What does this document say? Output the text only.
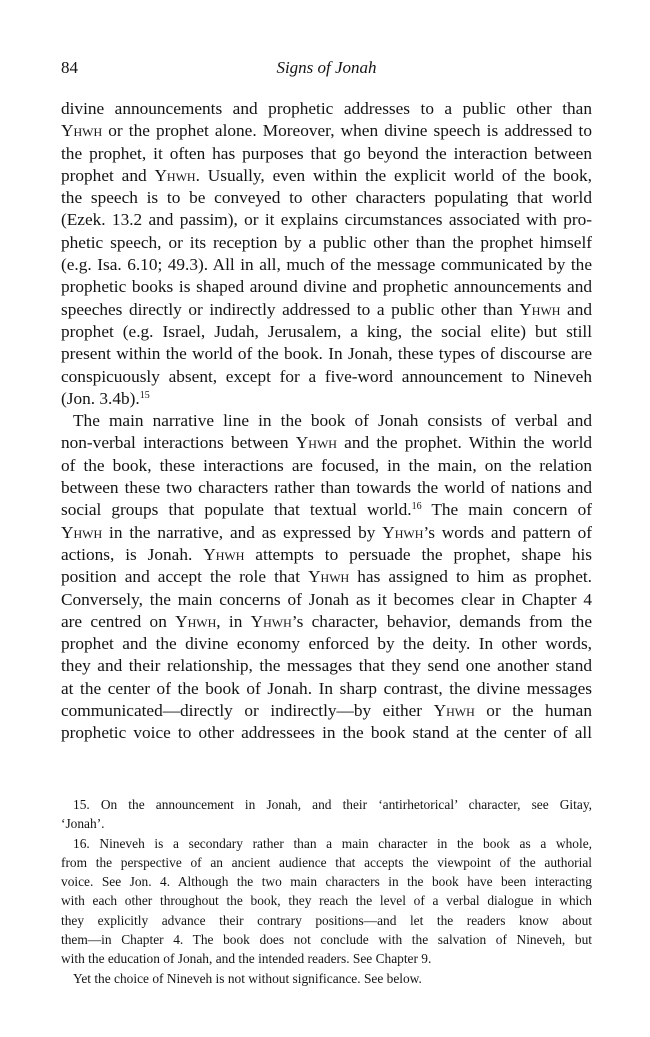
84	Signs of Jonah

divine announcements and prophetic addresses to a public other than
Yhwh or the prophet alone. Moreover, when divine speech is addressed to
the prophet, it often has purposes that go beyond the interaction between
prophet and Yhwh. Usually, even within the explicit world of the book,
the speech is to be conveyed to other characters populating that world
(Ezek. 13.2 and passim), or it explains circumstances associated with pro-
phetic speech, or its reception by a public other than the prophet himself
(e.g. Isa. 6.10; 49.3). All in all, much of the message communicated by the
prophetic books is shaped around divine and prophetic announcements and
speeches directly or indirectly addressed to a public other than Yhwh and
prophet (e.g. Israel, Judah, Jerusalem, a king, the social elite) but still
present within the world of the book. In Jonah, these types of discourse are
conspicuously absent, except for a five-word announcement to Nineveh
(Jon. 3.4b).$^{15}$

The main narrative line in the book of Jonah consists of verbal and
non-verbal interactions between Yhwh and the prophet. Within the world
of the book, these interactions are focused, in the main, on the relation
between these two characters rather than towards the world of nations and
social groups that populate that textual world.$^{16}$ The main concern of
Yhwh in the narrative, and as expressed by Yhwh’s words and pattern of
actions, is Jonah. Yhwh attempts to persuade the prophet, shape his
position and accept the role that Yhwh has assigned to him as prophet.
Conversely, the main concerns of Jonah as it becomes clear in Chapter 4
are centred on Yhwh, in Yhwh’s character, behavior, demands from the
prophet and the divine economy enforced by the deity. In other words,
they and their relationship, the messages that they send one another stand
at the center of the book of Jonah. In sharp contrast, the divine messages
communicated—directly or indirectly—by either Yhwh or the human
prophetic voice to other addressees in the book stand at the center of all

15. On the announcement in Jonah, and their ‘antirhetorical’ character, see Gitay,
‘Jonah’.

16. Nineveh is a secondary rather than a main character in the book as a whole,
from the perspective of an ancient audience that accepts the viewpoint of the authorial
voice. See Jon. 4. Although the two main characters in the book have been interacting
with each other throughout the book, they reach the level of a verbal dialogue in which
they explicitly advance their contrary positions—and let the readers know about
them—in Chapter 4. The book does not conclude with the salvation of Nineveh, but
with the education of Jonah, and the intended readers. See Chapter 9.

Yet the choice of Nineveh is not without significance. See below.
